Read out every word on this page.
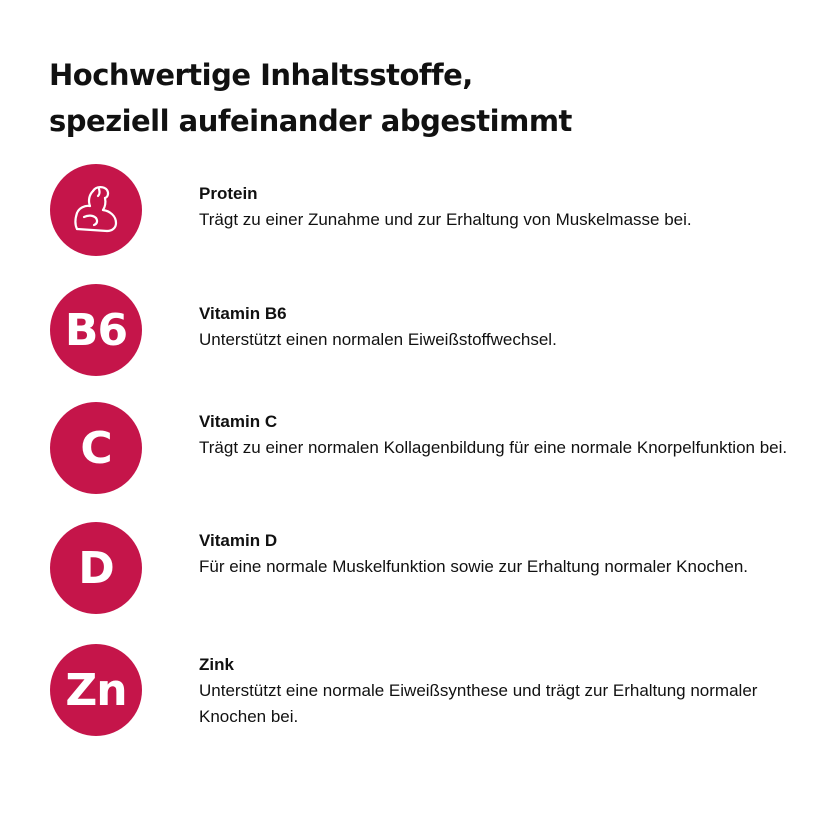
Hochwertige Inhaltsstoffe,
speziell aufeinander abgestimmt
Protein
Trägt zu einer Zunahme und zur Erhaltung von Muskelmasse bei.
B6	Vitamin B6
Unterstützt einen normalen Eiweißstoffwechsel.
C
Vitamin C
Trägt zu einer normalen Kollagenbildung für eine normale Knorpelfunktion bei.
D
Vitamin D
Für eine normale Muskelfunktion sowie zur Erhaltung normaler Knochen.
Zn	Zink
Unterstützt eine normale Eiweißsynthese und trägt zur Erhaltung normaler Knochen bei.
